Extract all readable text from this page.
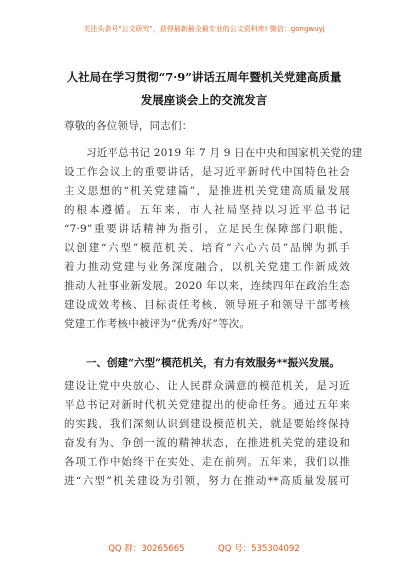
关注头条号"公文研究"，获得最新最全最专业的公文资料库! 微信：gongwuyj
人社局在学习贯彻“7·9”讲话五周年暨机关党建高质量
发展座谈会上的交流发言
尊敬的各位领导，同志们：
习近平总书记 2019 年 7 月 9 日在中央和国家机关党的建
设工作会议上的重要讲话，是习近平新时代中国特色社会
主义思想的“机关党建篇”，是推进机关党建高质量发展
的根本遵循。五年来，市人社局坚持以习近平总书记
“7·9”重要讲话精神为指引，立足民生保障部门职能，
以创建“六型”模范机关、培育“六心六员”品牌为抓手
着力推动党建与业务深度融合，以机关党建工作新成效
推动人社事业新发展。2020 年以来，连续四年在政治生态
建设成效考核、目标责任考核、领导班子和领导干部考核
党建工作考核中被评为“优秀/好”等次。
一、创建“六型”模范机关，有力有效服务**振兴发展。
建设让党中央放心、让人民群众满意的模范机关，是习近
平总书记对新时代机关党建提出的使命任务。通过五年来
的实践，我们深刻认识到建设模范机关，就是要始终保持
奋发有为、争创一流的精神状态，在推进机关党的建设和
各项工作中始终干在实处、走在前列。五年来，我们以推
进“六型”机关建设为引领，努力在推动**高质量发展可
QQ 群：30265665	QQ 号：535304092
